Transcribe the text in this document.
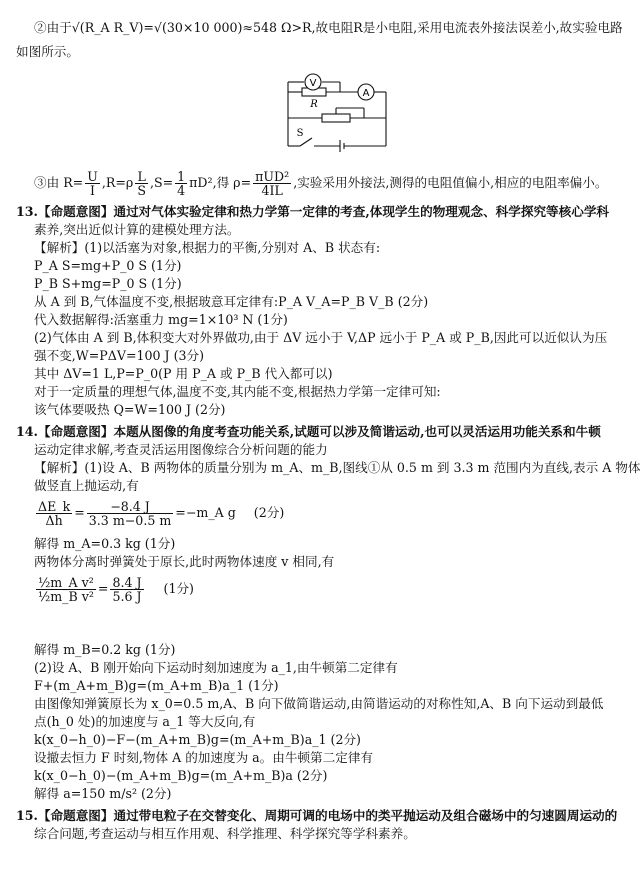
②由于√(R_A R_V)=√(30×10 000)≈548 Ω>R,故电阻R是小电阻,采用电流表外接法误差小,故实验电路
如图所示。
V
A
R
S
③由 $R= \frac{U}{I} ,R=\rho \frac{L}{S} ,S= \frac{1}{4} \pi D^2$,得 $\rho= \frac{\text{πUD²}}{4IL}$ ,实验采用外接法,测得的电阻值偏小,相应的电阻率偏小。
13.【命题意图】通过对气体实验定律和热力学第一定律的考查,体现学生的物理观念、科学探究等核心学科
素养,突出近似计算的建模处理方法。
【解析】(1)以活塞为对象,根据力的平衡,分别对 A、B 状态有:
P_A S=mg+P_0 S (1分)
P_B S+mg=P_0 S (1分)
从 A 到 B,气体温度不变,根据玻意耳定律有:P_A V_A=P_B V_B (2分)
代入数据解得:活塞重力 mg=1×10³ N (1分)
(2)气体由 A 到 B,体积变大对外界做功,由于 ΔV 远小于 V,ΔP 远小于 P_A 或 P_B,因此可以近似认为压
强不变,W=PΔV=100 J (3分)
其中 ΔV=1 L,P=P_0(P 用 P_A 或 P_B 代入都可以)
对于一定质量的理想气体,温度不变,其内能不变,根据热力学第一定律可知:
该气体要吸热 Q=W=100 J (2分)
14.【命题意图】本题从图像的角度考查功能关系,试题可以涉及简谐运动,也可以灵活运用功能关系和牛顿
运动定律求解,考查灵活运用图像综合分析问题的能力
【解析】(1)设 A、B 两物体的质量分别为 m_A、m_B,图线①从 0.5 m 到 3.3 m 范围内为直线,表示 A 物体
做竖直上抛运动,有
$\frac{\Delta E\_k}{\Delta h} = \frac{-8.4 J}{3.3 m-0.5 m}$ =−m_A g (2分)
解得 m_A=0.3 kg (1分)
两物体分离时弹簧处于原长,此时两物体速度 v 相同,有
$\frac{\text{½m\_A v²}}{\text{½m\_B v²}} = \frac{8.4 J}{5.6 J} (1$分)
解得 m_B=0.2 kg (1分)
(2)设 A、B 刚开始向下运动时刻加速度为 a_1,由牛顿第二定律有
F+(m_A+m_B)g=(m_A+m_B)a_1 (1分)
由图像知弹簧原长为 x_0=0.5 m,A、B 向下做简谐运动,由简谐运动的对称性知,A、B 向下运动到最低
点(h_0 处)的加速度与 a_1 等大反向,有
k(x_0−h_0)−F−(m_A+m_B)g=(m_A+m_B)a_1 (2分)
设撤去恒力 F 时刻,物体 A 的加速度为 a。由牛顿第二定律有
k(x_0−h_0)−(m_A+m_B)g=(m_A+m_B)a (2分)
解得 a=150 m/s² (2分)
15.【命题意图】通过带电粒子在交替变化、周期可调的电场中的类平抛运动及组合磁场中的匀速圆周运动的
综合问题,考查运动与相互作用观、科学推理、科学探究等学科素养。
